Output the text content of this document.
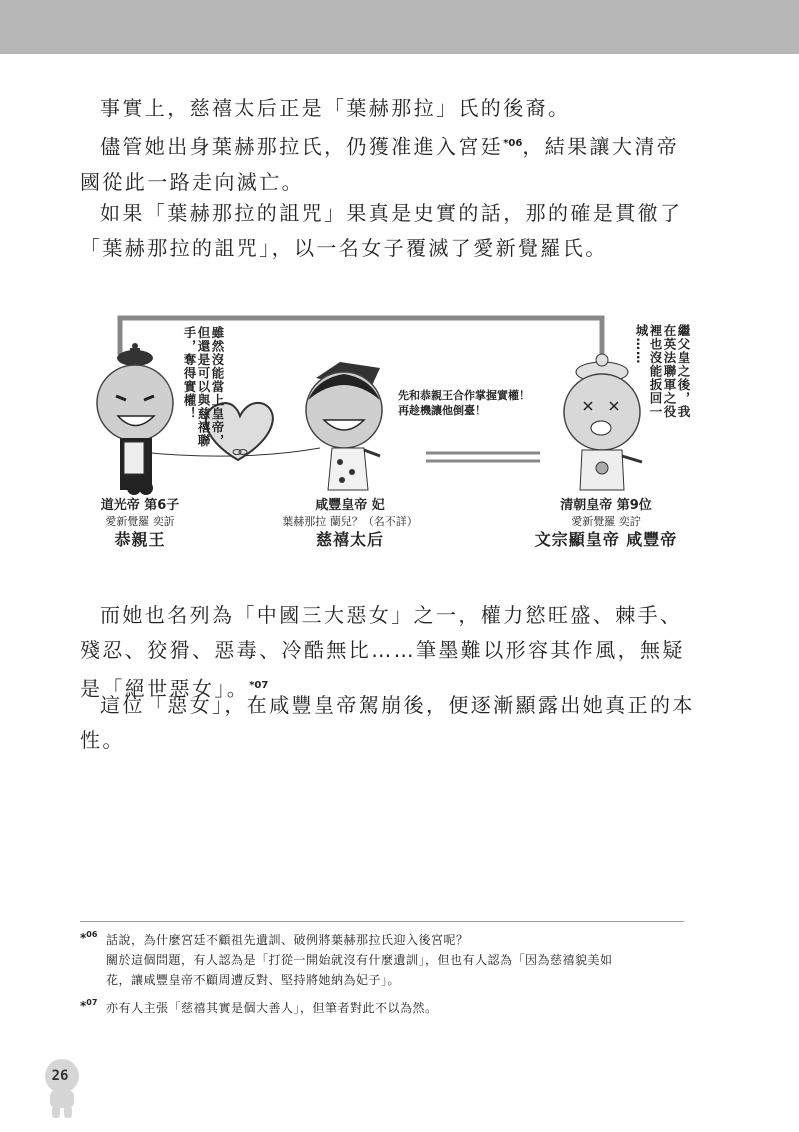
事實上，慈禧太后正是「葉赫那拉」氏的後裔。

儘管她出身葉赫那拉氏，仍獲准進入宮廷$^{*06}$，結果讓大清帝國從此一路走向滅亡。

如果「葉赫那拉的詛咒」果真是史實的話，那的確是貫徹了「葉赫那拉的詛咒」，以一名女子覆滅了愛新覺羅氏。

雖然沒能當上皇帝，但還是可以與慈禧聯手，奪得實權！	先和恭親王合作掌握實權！
再趁機讓他倒臺！	繼父皇之後，我在英法聯軍之役裡也沒能扳回一城……
道光帝 第6子
愛新覺羅 奕訢
恭親王
咸豐皇帝 妃
葉赫那拉 蘭兒？（名不詳）
慈禧太后
清朝皇帝 第9位
愛新覺羅 奕詝
文宗顯皇帝 咸豐帝

而她也名列為「中國三大惡女」之一，權力慾旺盛、棘手、殘忍、狡猾、惡毒、冷酷無比……筆墨難以形容其作風，無疑是「絕世惡女」。$^{*07}$

這位「惡女」，在咸豐皇帝駕崩後，便逐漸顯露出她真正的本性。

*$^{06}$ 話說，為什麼宮廷不顧祖先遺訓、破例將葉赫那拉氏迎入後宮呢？
關於這個問題，有人認為是「打從一開始就沒有什麼遺訓」，但也有人認為「因為慈禧貌美如
花，讓咸豐皇帝不顧周遭反對、堅持將她納為妃子」。
*$^{07}$ 亦有人主張「慈禧其實是個大善人」，但筆者對此不以為然。
26
